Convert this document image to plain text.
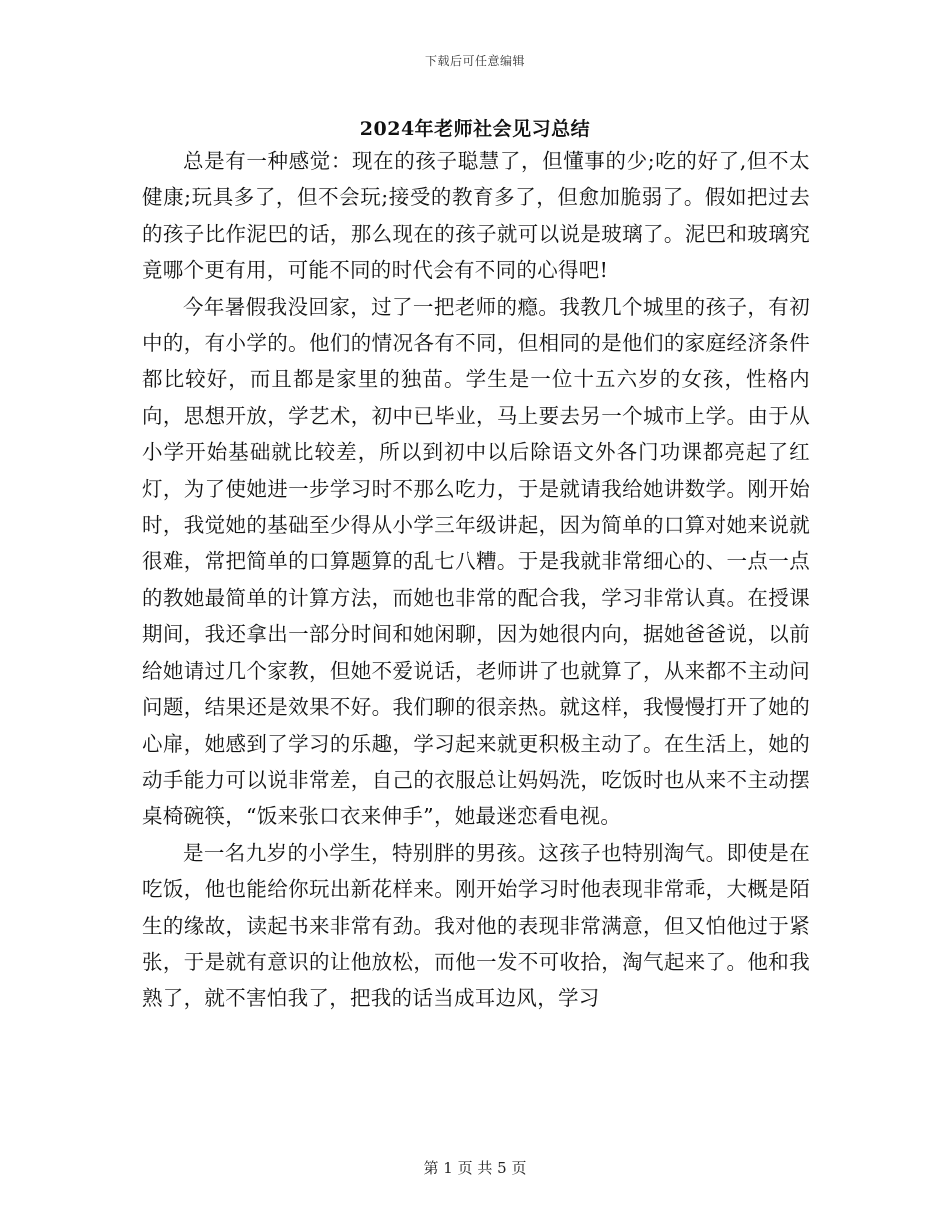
下载后可任意编辑
2024年老师社会见习总结

总是有一种感觉：现在的孩子聪慧了，但懂事的少;吃的好了,但不太健康;玩具多了，但不会玩;接受的教育多了，但愈加脆弱了。假如把过去的孩子比作泥巴的话，那么现在的孩子就可以说是玻璃了。泥巴和玻璃究竟哪个更有用，可能不同的时代会有不同的心得吧!

今年暑假我没回家，过了一把老师的瘾。我教几个城里的孩子，有初中的，有小学的。他们的情况各有不同，但相同的是他们的家庭经济条件都比较好，而且都是家里的独苗。学生是一位十五六岁的女孩，性格内向，思想开放，学艺术，初中已毕业，马上要去另一个城市上学。由于从小学开始基础就比较差，所以到初中以后除语文外各门功课都亮起了红灯，为了使她进一步学习时不那么吃力，于是就请我给她讲数学。刚开始时，我觉她的基础至少得从小学三年级讲起，因为简单的口算对她来说就很难，常把简单的口算题算的乱七八糟。于是我就非常细心的、一点一点的教她最简单的计算方法，而她也非常的配合我，学习非常认真。在授课期间，我还拿出一部分时间和她闲聊，因为她很内向，据她爸爸说，以前给她请过几个家教，但她不爱说话，老师讲了也就算了，从来都不主动问问题，结果还是效果不好。我们聊的很亲热。就这样，我慢慢打开了她的心扉，她感到了学习的乐趣，学习起来就更积极主动了。在生活上，她的动手能力可以说非常差，自己的衣服总让妈妈洗，吃饭时也从来不主动摆桌椅碗筷，“饭来张口衣来伸手”，她最迷恋看电视。

是一名九岁的小学生，特别胖的男孩。这孩子也特别淘气。即使是在吃饭，他也能给你玩出新花样来。刚开始学习时他表现非常乖，大概是陌生的缘故，读起书来非常有劲。我对他的表现非常满意，但又怕他过于紧张，于是就有意识的让他放松，而他一发不可收拾，淘气起来了。他和我熟了，就不害怕我了，把我的话当成耳边风，学习

第 1 页 共 5 页
